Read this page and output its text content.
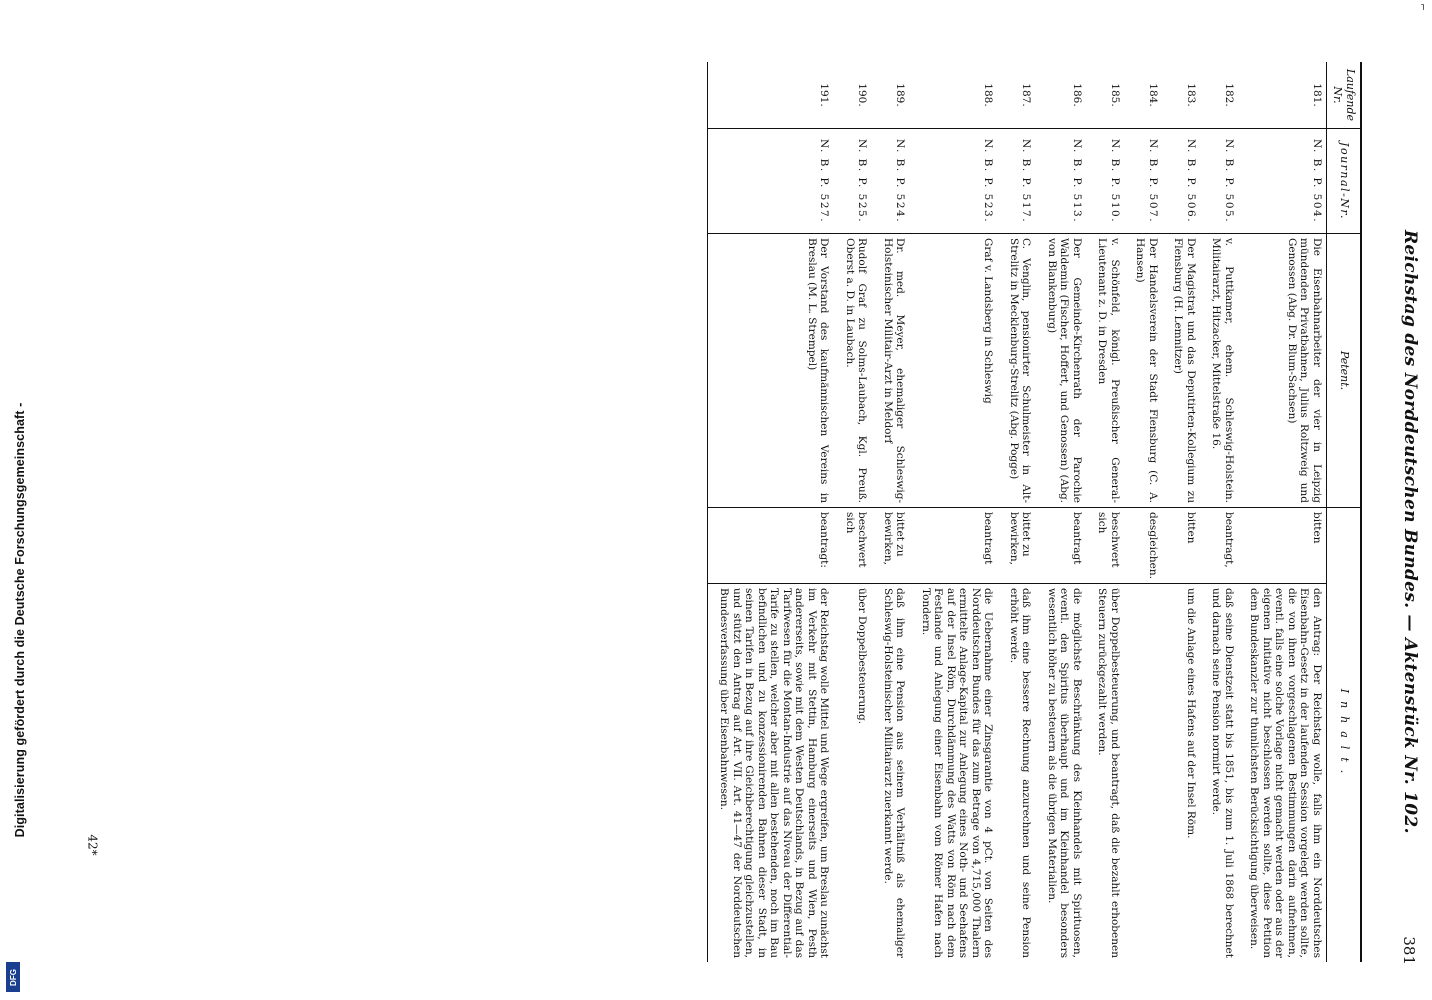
Digitalisierung gefördert durch die Deutsche Forschungsgemeinschaft -
DFG
42*
⌐
Reichstag des Norddeutschen Bundes. — Aktenstück Nr. 102.
381
Laufende Nr.	Journal-Nr.	Petent.	Inhalt.	
181.	N. B. P. 504.	Die Eisenbahnarbeiter der vier in Leipzig mündenden Privatbahnen, Julius Roltzweig und Genossen (Abg. Dr. Blum-Sachsen)	bitten	den Antrag: Der Reichstag wolle, falls ihm ein Norddeutsches Eisenbahn-Gesetz in der laufenden Session vorgelegt werden sollte, die von ihnen vorgeschlagenen Bestimmungen darin aufnehmen, eventl. falls eine solche Vorlage nicht gemacht werden oder aus der eigenen Initiative nicht beschlossen werden sollte, diese Petition dem Bundeskanzler zur thunlichsten Berücksichtigung überweisen.
182.	N. B. P. 505.	v. Puttkamer, ehem. Schleswig-Holstein. Militairarzt, Hitzacker, Mittelstraße 16.	beantragt,	daß seine Dienstzeit statt bis 1851, bis zum 1. Juli 1868 berechnet und darnach seine Pension normirt werde.
183.	N. B. P. 506.	Der Magistrat und das Deputirten-Kollegium zu Flensburg (H. Lemnitzer)	bitten	um die Anlage eines Hafens auf der Insel Röm.
184.	N. B. P. 507.	Der Handelsverein der Stadt Flensburg (C. A. Hansen)	desgleichen.	
185.	N. B. P. 510.	v. Schönfeld, königl. Preußischer General-Lieutenant z. D. in Dresden	beschwert sich	über Doppelbesteuerung, und beantragt, daß die bezahlt erhobenen Steuern zurückgezahlt werden.
186.	N. B. P. 513.	Der Gemeinde-Kirchenrath der Parochie Waldemin (Fischer, Hoffert, und Genossen) (Abg. von Blankenburg)	beantragt	die möglichste Beschränkung des Kleinhandels mit Spirituosen, eventl. den Spiritus überhaupt und im Kleinhandel besonders wesentlich höher zu besteuern als die übrigen Materialien.
187.	N. B. P. 517.	C. Venglin, pensionirter Schulmeister in Alt-Strelitz in Mecklenburg-Strelitz (Abg. Pogge)	bittet zu bewirken,	daß ihm eine bessere Rechnung anzurechnen und seine Pension erhöht werde.
188.	N. B. P. 523.	Graf v. Landsberg in Schleswig	beantragt	die Uebernahme einer Zinsgarantie von 4 pCt. von Seiten des Norddeutschen Bundes für das zum Betrage von 4,715,000 Thalern ermittelte Anlage-Kapital zur Anlegung eines Noth- und Seehafens auf der Insel Röm, Durchdämmung des Watts von Röm nach dem Festlande und Anlegung einer Eisenbahn vom Römer Hafen nach Tondern.
189.	N. B. P. 524.	Dr. med. Meyer, ehemaliger Schleswig-Holsteinischer Militair-Arzt in Meldorf	bittet zu bewirken,	daß ihm eine Pension aus seinem Verhältniß als ehemaliger Schleswig-Holsteinischer Militairarzt zuerkannt werde.
190.	N. B. P. 525.	Rudolf Graf zu Solms-Laubach, Kgl. Preuß. Oberst a. D. in Laubach.	beschwert sich	über Doppelbesteuerung.
191.	N. B. P. 527.	Der Vorstand des kaufmännischen Vereins in Breslau (M. L. Strempel)	beantragt:	der Reichstag wolle Mittel und Wege ergreifen, um Breslau zunächst im Verkehr mit Stettin, Hamburg einerseits und Wien, Pesth andererseits, sowie mit dem Westen Deutschlands, in Bezug auf das Tarifwesen für die Montan-Industrie auf das Niveau der Differential-Tarife zu stellen, welcher aber mit allen bestehenden, noch im Bau befindlichen und zu konzessionirenden Bahnen dieser Stadt, in seinen Tarifen in Bezug auf ihre Gleichberechtigung gleichzustellen, und stützt den Antrag auf Art. VII. Art. 41—47 der Norddeutschen Bundesverfassung über Eisenbahnwesen.
